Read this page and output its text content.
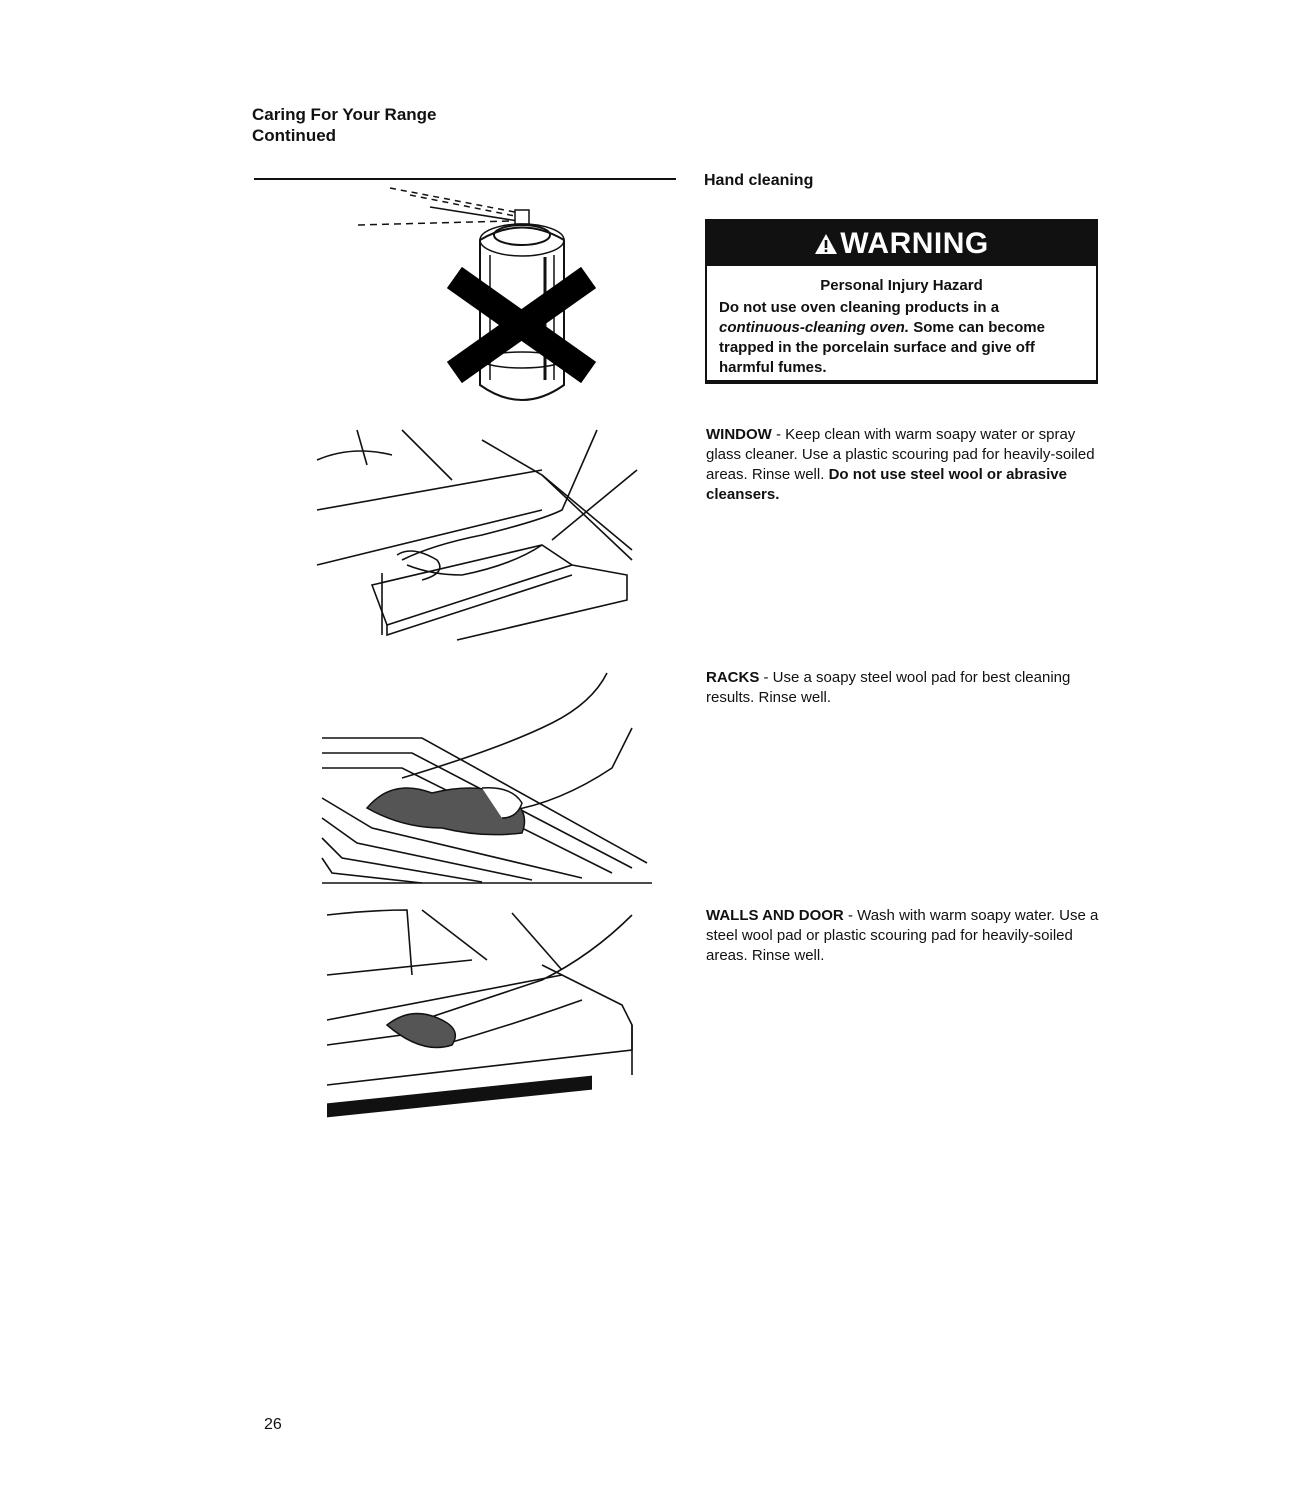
Caring For Your Range
Continued
Hand cleaning
WARNING
Personal Injury Hazard
Do not use oven cleaning products in a continuous-cleaning oven. Some can become trapped in the porcelain surface and give off harmful fumes.
WINDOW - Keep clean with warm soapy water or spray glass cleaner. Use a plastic scouring pad for heavily-soiled areas. Rinse well. Do not use steel wool or abrasive cleansers.
RACKS - Use a soapy steel wool pad for best cleaning results. Rinse well.
WALLS AND DOOR - Wash with warm soapy water. Use a steel wool pad or plastic scouring pad for heavily-soiled areas. Rinse well.
26
